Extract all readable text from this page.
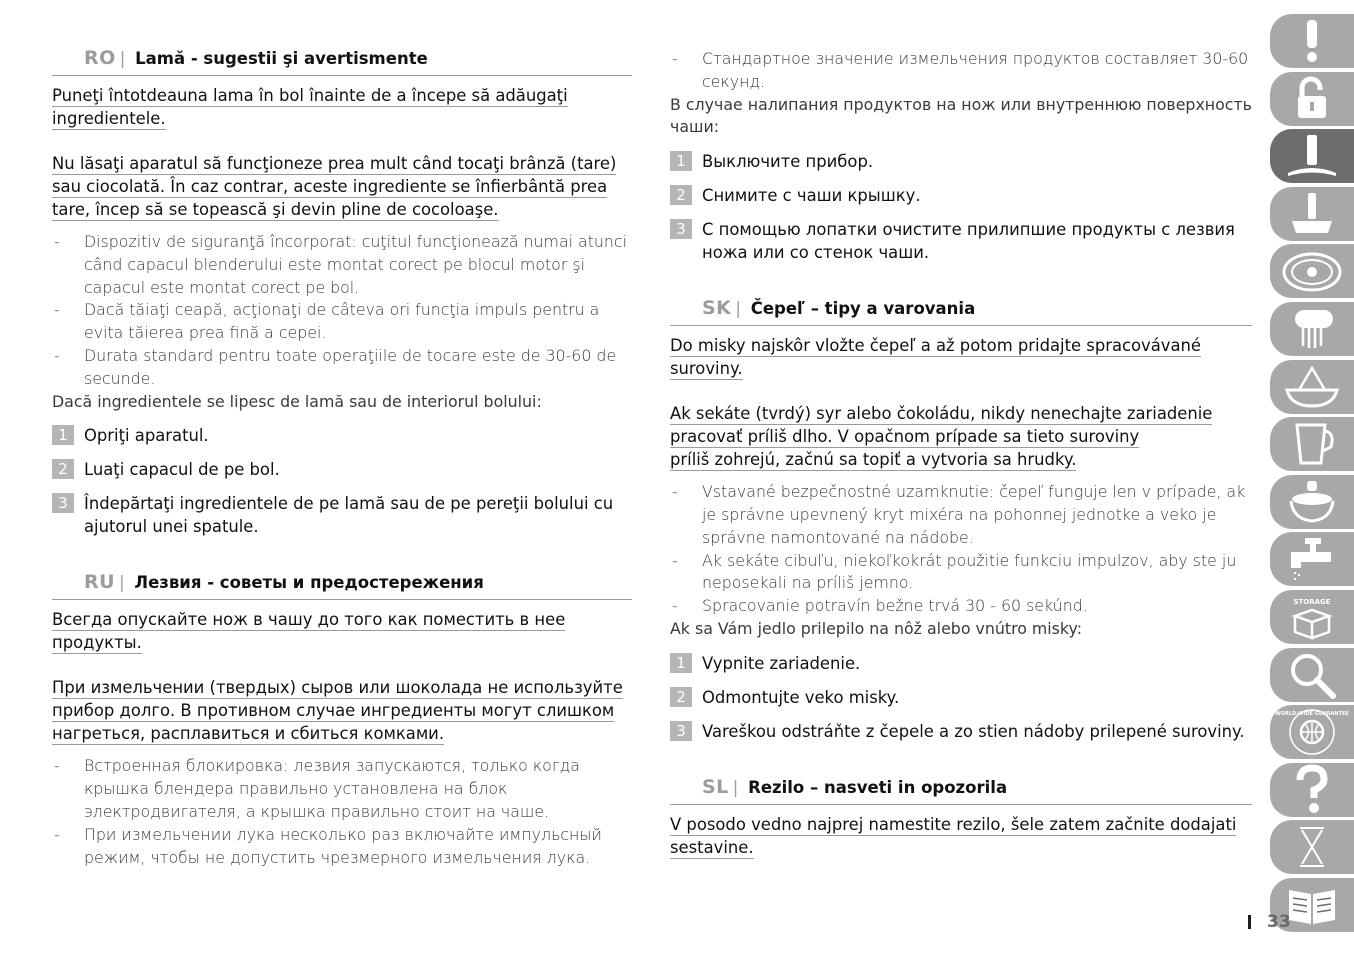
RO | Lamă - sugestii şi avertismente
Puneţi întotdeauna lama în bol înainte de a începe să adăugaţi
ingredientele.
Nu lăsaţi aparatul să funcţioneze prea mult când tocaţi brânză (tare)
sau ciocolată. În caz contrar, aceste ingrediente se înfierbântă prea
tare, încep să se topească şi devin pline de cocoloaşe.
- Dispozitiv de siguranţă încorporat: cuţitul funcţionează numai atunci când capacul blenderului este montat corect pe blocul motor şi capacul este montat corect pe bol.
- Dacă tăiaţi ceapă, acţionaţi de câteva ori funcţia impuls pentru a evita tăierea prea fină a cepei.
- Durata standard pentru toate operaţiile de tocare este de 30-60 de secunde.
Dacă ingredientele se lipesc de lamă sau de interiorul bolului:
1 Opriţi aparatul.
2 Luaţi capacul de pe bol.
3 Îndepărtaţi ingredientele de pe lamă sau de pe pereţii bolului cu ajutorul unei spatule.
RU | Лезвия - советы и предостережения
Всегда опускайте нож в чашу до того как поместить в нее
продукты.
При измельчении (твердых) сыров или шоколада не используйте
прибор долго. В противном случае ингредиенты могут слишком
нагреться, расплавиться и сбиться комками.
- Встроенная блокировка: лезвия запускаются, только когда крышка блендера правильно установлена на блок электродвигателя, а крышка правильно стоит на чаше.
- При измельчении лука несколько раз включайте импульсный режим, чтобы не допустить чрезмерного измельчения лука.
- Стандартное значение измельчения продуктов составляет 30-60 секунд.
В случае налипания продуктов на нож или внутреннюю поверхность чаши:
1 Выключите прибор.
2 Снимите с чаши крышку.
3 С помощью лопатки очистите прилипшие продукты с лезвия ножа или со стенок чаши.
SK | Čepeľ – tipy a varovania
Do misky najskôr vložte čepeľ a až potom pridajte spracovávané
suroviny.
Ak sekáte (tvrdý) syr alebo čokoládu, nikdy nenechajte zariadenie
pracovať príliš dlho. V opačnom prípade sa tieto suroviny
príliš zohrejú, začnú sa topiť a vytvoria sa hrudky.
- Vstavané bezpečnostné uzamknutie: čepeľ funguje len v prípade, ak je správne upevnený kryt mixéra na pohonnej jednotke a veko je správne namontované na nádobe.
- Ak sekáte cibuľu, niekoľkokrát použitie funkciu impulzov, aby ste ju neposekali na príliš jemno.
- Spracovanie potravín bežne trvá 30 - 60 sekúnd.
Ak sa Vám jedlo prilepilo na nôž alebo vnútro misky:
1 Vypnite zariadenie.
2 Odmontujte veko misky.
3 Vareškou odstráňte z čepele a zo stien nádoby prilepené suroviny.
SL | Rezilo – nasveti in opozorila
V posodo vedno najprej namestite rezilo, šele zatem začnite dodajati
sestavine.
STORAGE
WORLD-WIDE GUARANTEE
33
